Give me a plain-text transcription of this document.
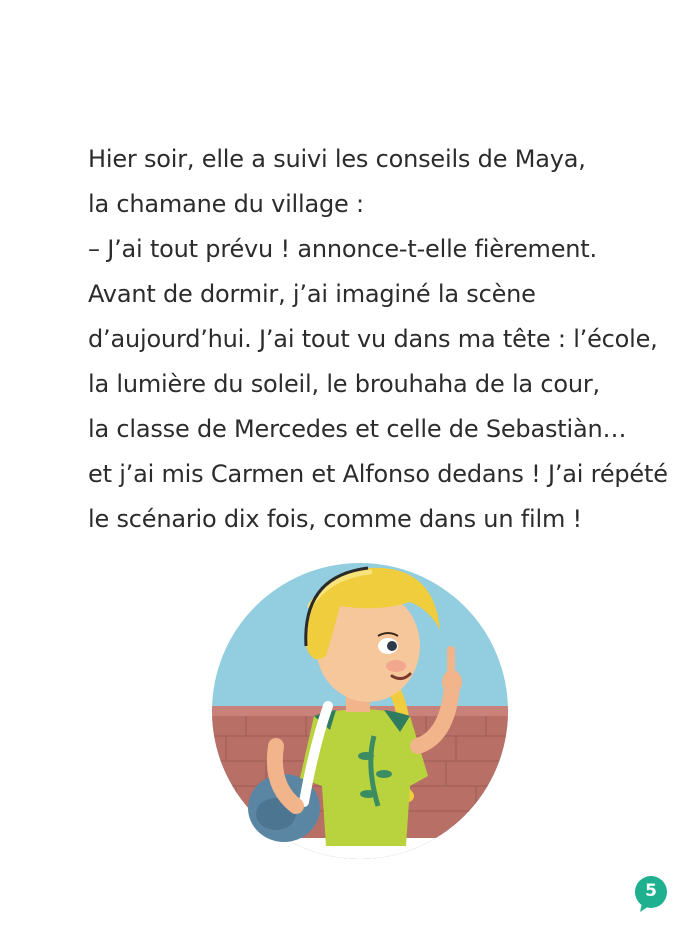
Hier soir, elle a suivi les conseils de Maya,
la chamane du village :
– J’ai tout prévu ! annonce-t-elle fièrement.
Avant de dormir, j’ai imaginé la scène
d’aujourd’hui. J’ai tout vu dans ma tête : l’école,
la lumière du soleil, le brouhaha de la cour,
la classe de Mercedes et celle de Sebastiàn…
et j’ai mis Carmen et Alfonso dedans ! J’ai répété
le scénario dix fois, comme dans un film !
5
